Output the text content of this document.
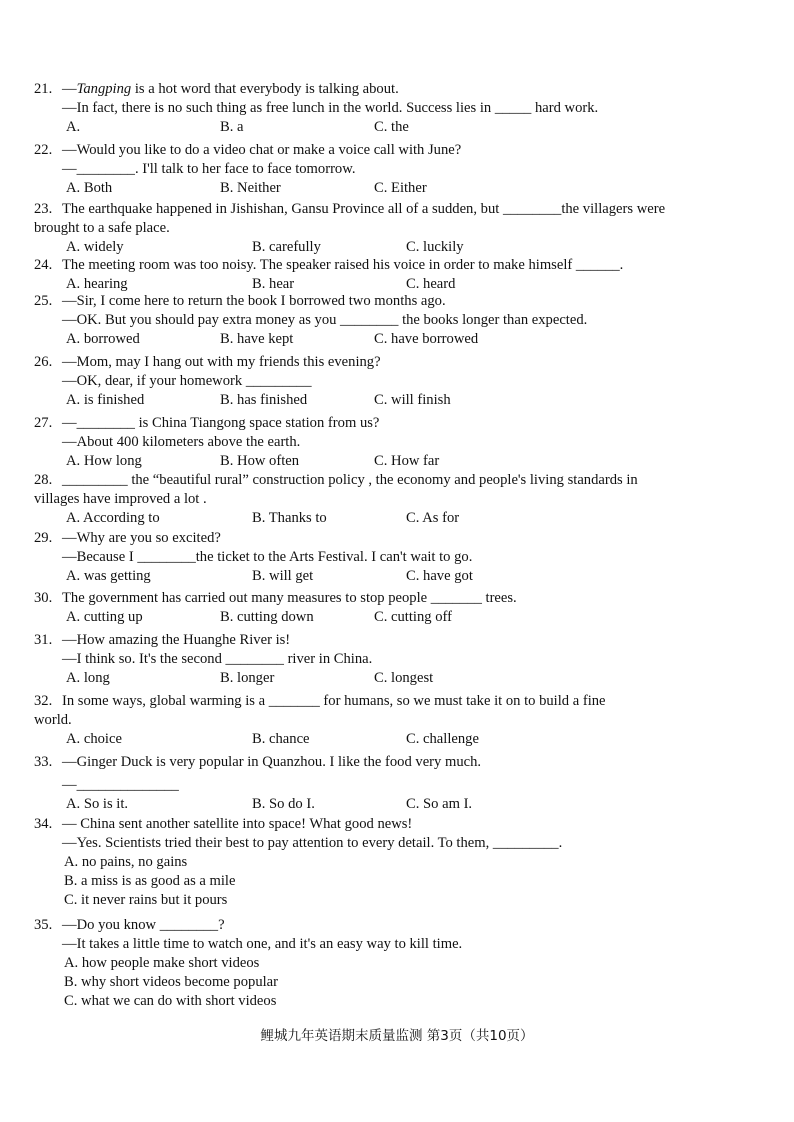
21. —Tangping is a hot word that everybody is talking about.
—In fact, there is no such thing as free lunch in the world. Success lies in _____ hard work.
A.	B. a	C. the
22. —Would you like to do a video chat or make a voice call with June?
—________. I'll talk to her face to face tomorrow.
A. Both	B. Neither	C. Either
23. The earthquake happened in Jishishan, Gansu Province all of a sudden, but ________the villagers were brought to a safe place.
A. widely	B. carefully	C. luckily
24. The meeting room was too noisy. The speaker raised his voice in order to make himself ______.
A. hearing	B. hear	C. heard
25. —Sir, I come here to return the book I borrowed two months ago.
—OK. But you should pay extra money as you ________ the books longer than expected.
A. borrowed	B. have kept	C. have borrowed
26. —Mom, may I hang out with my friends this evening?
—OK, dear, if your homework _________
A. is finished	B. has finished	C. will finish
27. —________ is China Tiangong space station from us?
—About 400 kilometers above the earth.
A. How long	B. How often	C. How far
28. _________ the “beautiful rural” construction policy , the economy and people's living standards in villages have improved a lot .
A. According to	B. Thanks to	C. As for
29. —Why are you so excited?
—Because I ________the ticket to the Arts Festival. I can't wait to go.
A. was getting	B. will get	C. have got
30. The government has carried out many measures to stop people _______ trees.
A. cutting up	B. cutting down	C. cutting off
31. —How amazing the Huanghe River is!
—I think so. It's the second ________ river in China.
A. long	B. longer	C. longest
32. In some ways, global warming is a _______ for humans, so we must take it on to build a fine world.
A. choice	B. chance	C. challenge
33. —Ginger Duck is very popular in Quanzhou. I like the food very much.
—______________
A. So is it.	B. So do I.	C. So am I.
34. — China sent another satellite into space! What good news!
—Yes. Scientists tried their best to pay attention to every detail. To them, _________.
A. no pains, no gains
B. a miss is as good as a mile
C. it never rains but it pours
35. —Do you know ________?
—It takes a little time to watch one, and it's an easy way to kill time.
A. how people make short videos
B. why short videos become popular
C. what we can do with short videos
鲤城九年英语期末质量监测 第3页（共10页）
